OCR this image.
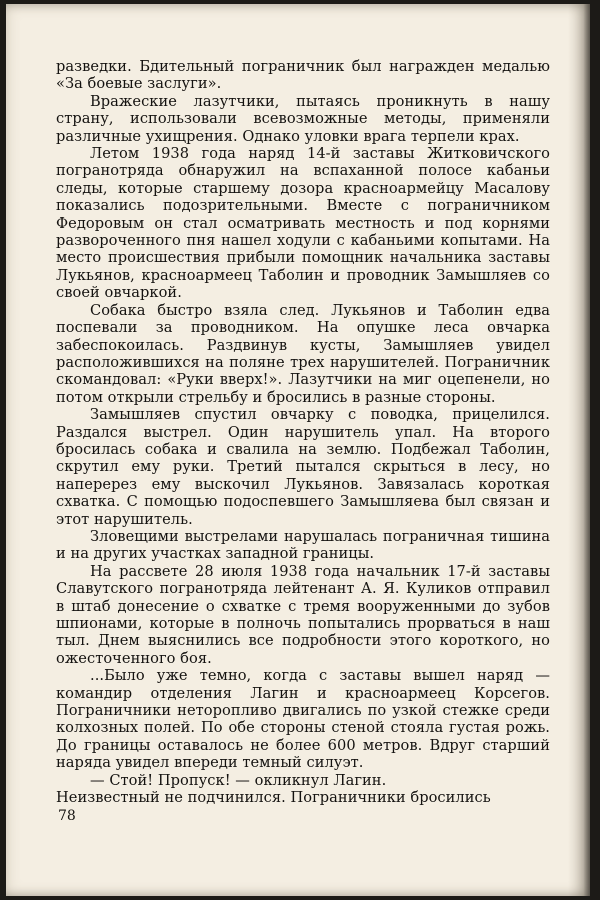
разведки. Бдительный пограничник был награжден медалью «За боевые заслуги».

Вражеские лазутчики, пытаясь проникнуть в нашу страну, использовали всевозможные методы, применяли различные ухищрения. Однако уловки врага терпели крах.

Летом 1938 года наряд 14-й заставы Житковичского погранотряда обнаружил на вспаханной полосе кабаньи следы, которые старшему дозора красноармейцу Масалову показались подозрительными. Вместе с пограничником Федоровым он стал осматривать местность и под корнями развороченного пня нашел ходули с кабаньими копытами. На место происшествия прибыли помощник начальника заставы Лукьянов, красноармеец Таболин и проводник Замышляев со своей овчаркой.

Собака быстро взяла след. Лукьянов и Таболин едва поспевали за проводником. На опушке леса овчарка забеспокоилась. Раздвинув кусты, Замышляев увидел расположившихся на поляне трех нарушителей. Пограничник скомандовал: «Руки вверх!». Лазутчики на миг оцепенели, но потом открыли стрельбу и бросились в разные стороны.

Замышляев спустил овчарку с поводка, прицелился. Раздался выстрел. Один нарушитель упал. На второго бросилась собака и свалила на землю. Подбежал Таболин, скрутил ему руки. Третий пытался скрыться в лесу, но наперерез ему выскочил Лукьянов. Завязалась короткая схватка. С помощью подоспевшего Замышляева был связан и этот нарушитель.

Зловещими выстрелами нарушалась пограничная тишина и на других участках западной границы.

На рассвете 28 июля 1938 года начальник 17-й заставы Славутского погранотряда лейтенант А. Я. Куликов отправил в штаб донесение о схватке с тремя вооруженными до зубов шпионами, которые в полночь попытались прорваться в наш тыл. Днем выяснились все подробности этого короткого, но ожесточенного боя.

...Было уже темно, когда с заставы вышел наряд — командир отделения Лагин и красноармеец Корсегов. Пограничники неторопливо двигались по узкой стежке среди колхозных полей. По обе стороны стеной стояла густая рожь. До границы оставалось не более 600 метров. Вдруг старший наряда увидел впереди темный силуэт.

— Стой! Пропуск! — окликнул Лагин.

Неизвестный не подчинился. Пограничники бросились

78
